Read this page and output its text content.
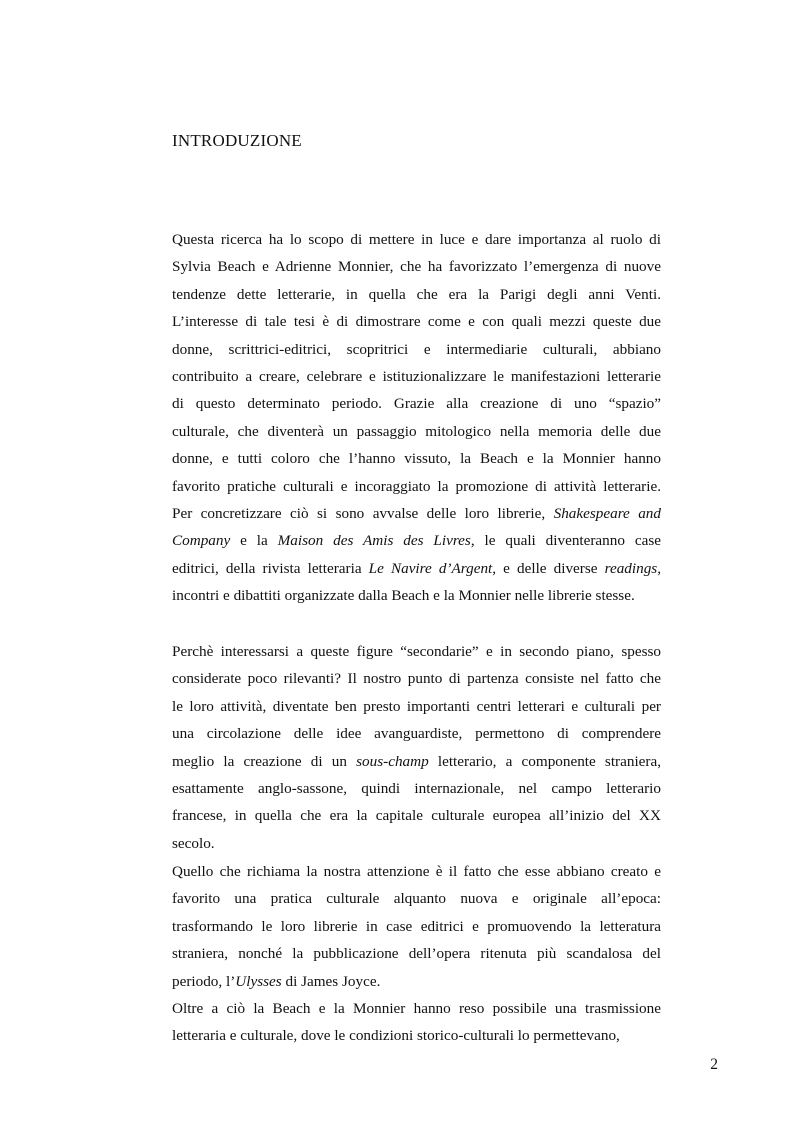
INTRODUZIONE
Questa ricerca ha lo scopo di mettere in luce e dare importanza al ruolo di
Sylvia Beach e Adrienne Monnier, che ha favorizzato l’emergenza di nuove
tendenze dette letterarie, in quella che era la Parigi degli anni Venti.
L’interesse di tale tesi è di dimostrare come e con quali mezzi queste due
donne, scrittrici-editrici, scopritrici e intermediarie culturali, abbiano
contribuito a creare, celebrare e istituzionalizzare le manifestazioni letterarie
di questo determinato periodo. Grazie alla creazione di uno “spazio”
culturale, che diventerà un passaggio mitologico nella memoria delle due
donne, e tutti coloro che l’hanno vissuto, la Beach e la Monnier hanno
favorito pratiche culturali e incoraggiato la promozione di attività letterarie.
Per concretizzare ciò si sono avvalse delle loro librerie, Shakespeare and
Company e la Maison des Amis des Livres, le quali diventeranno case
editrici, della rivista letteraria Le Navire d’Argent, e delle diverse readings,
incontri e dibattiti organizzate dalla Beach e la Monnier nelle librerie stesse.
Perchè interessarsi a queste figure “secondarie” e in secondo piano, spesso
considerate poco rilevanti? Il nostro punto di partenza consiste nel fatto che
le loro attività, diventate ben presto importanti centri letterari e culturali per
una circolazione delle idee avanguardiste, permettono di comprendere
meglio la creazione di un sous-champ letterario, a componente straniera,
esattamente anglo-sassone, quindi internazionale, nel campo letterario
francese, in quella che era la capitale culturale europea all’inizio del XX
secolo.
Quello che richiama la nostra attenzione è il fatto che esse abbiano creato e
favorito una pratica culturale alquanto nuova e originale all’epoca:
trasformando le loro librerie in case editrici e promuovendo la letteratura
straniera, nonché la pubblicazione dell’opera ritenuta più scandalosa del
periodo, l’Ulysses di James Joyce.
Oltre a ciò la Beach e la Monnier hanno reso possibile una trasmissione
letteraria e culturale, dove le condizioni storico-culturali lo permettevano,
2
